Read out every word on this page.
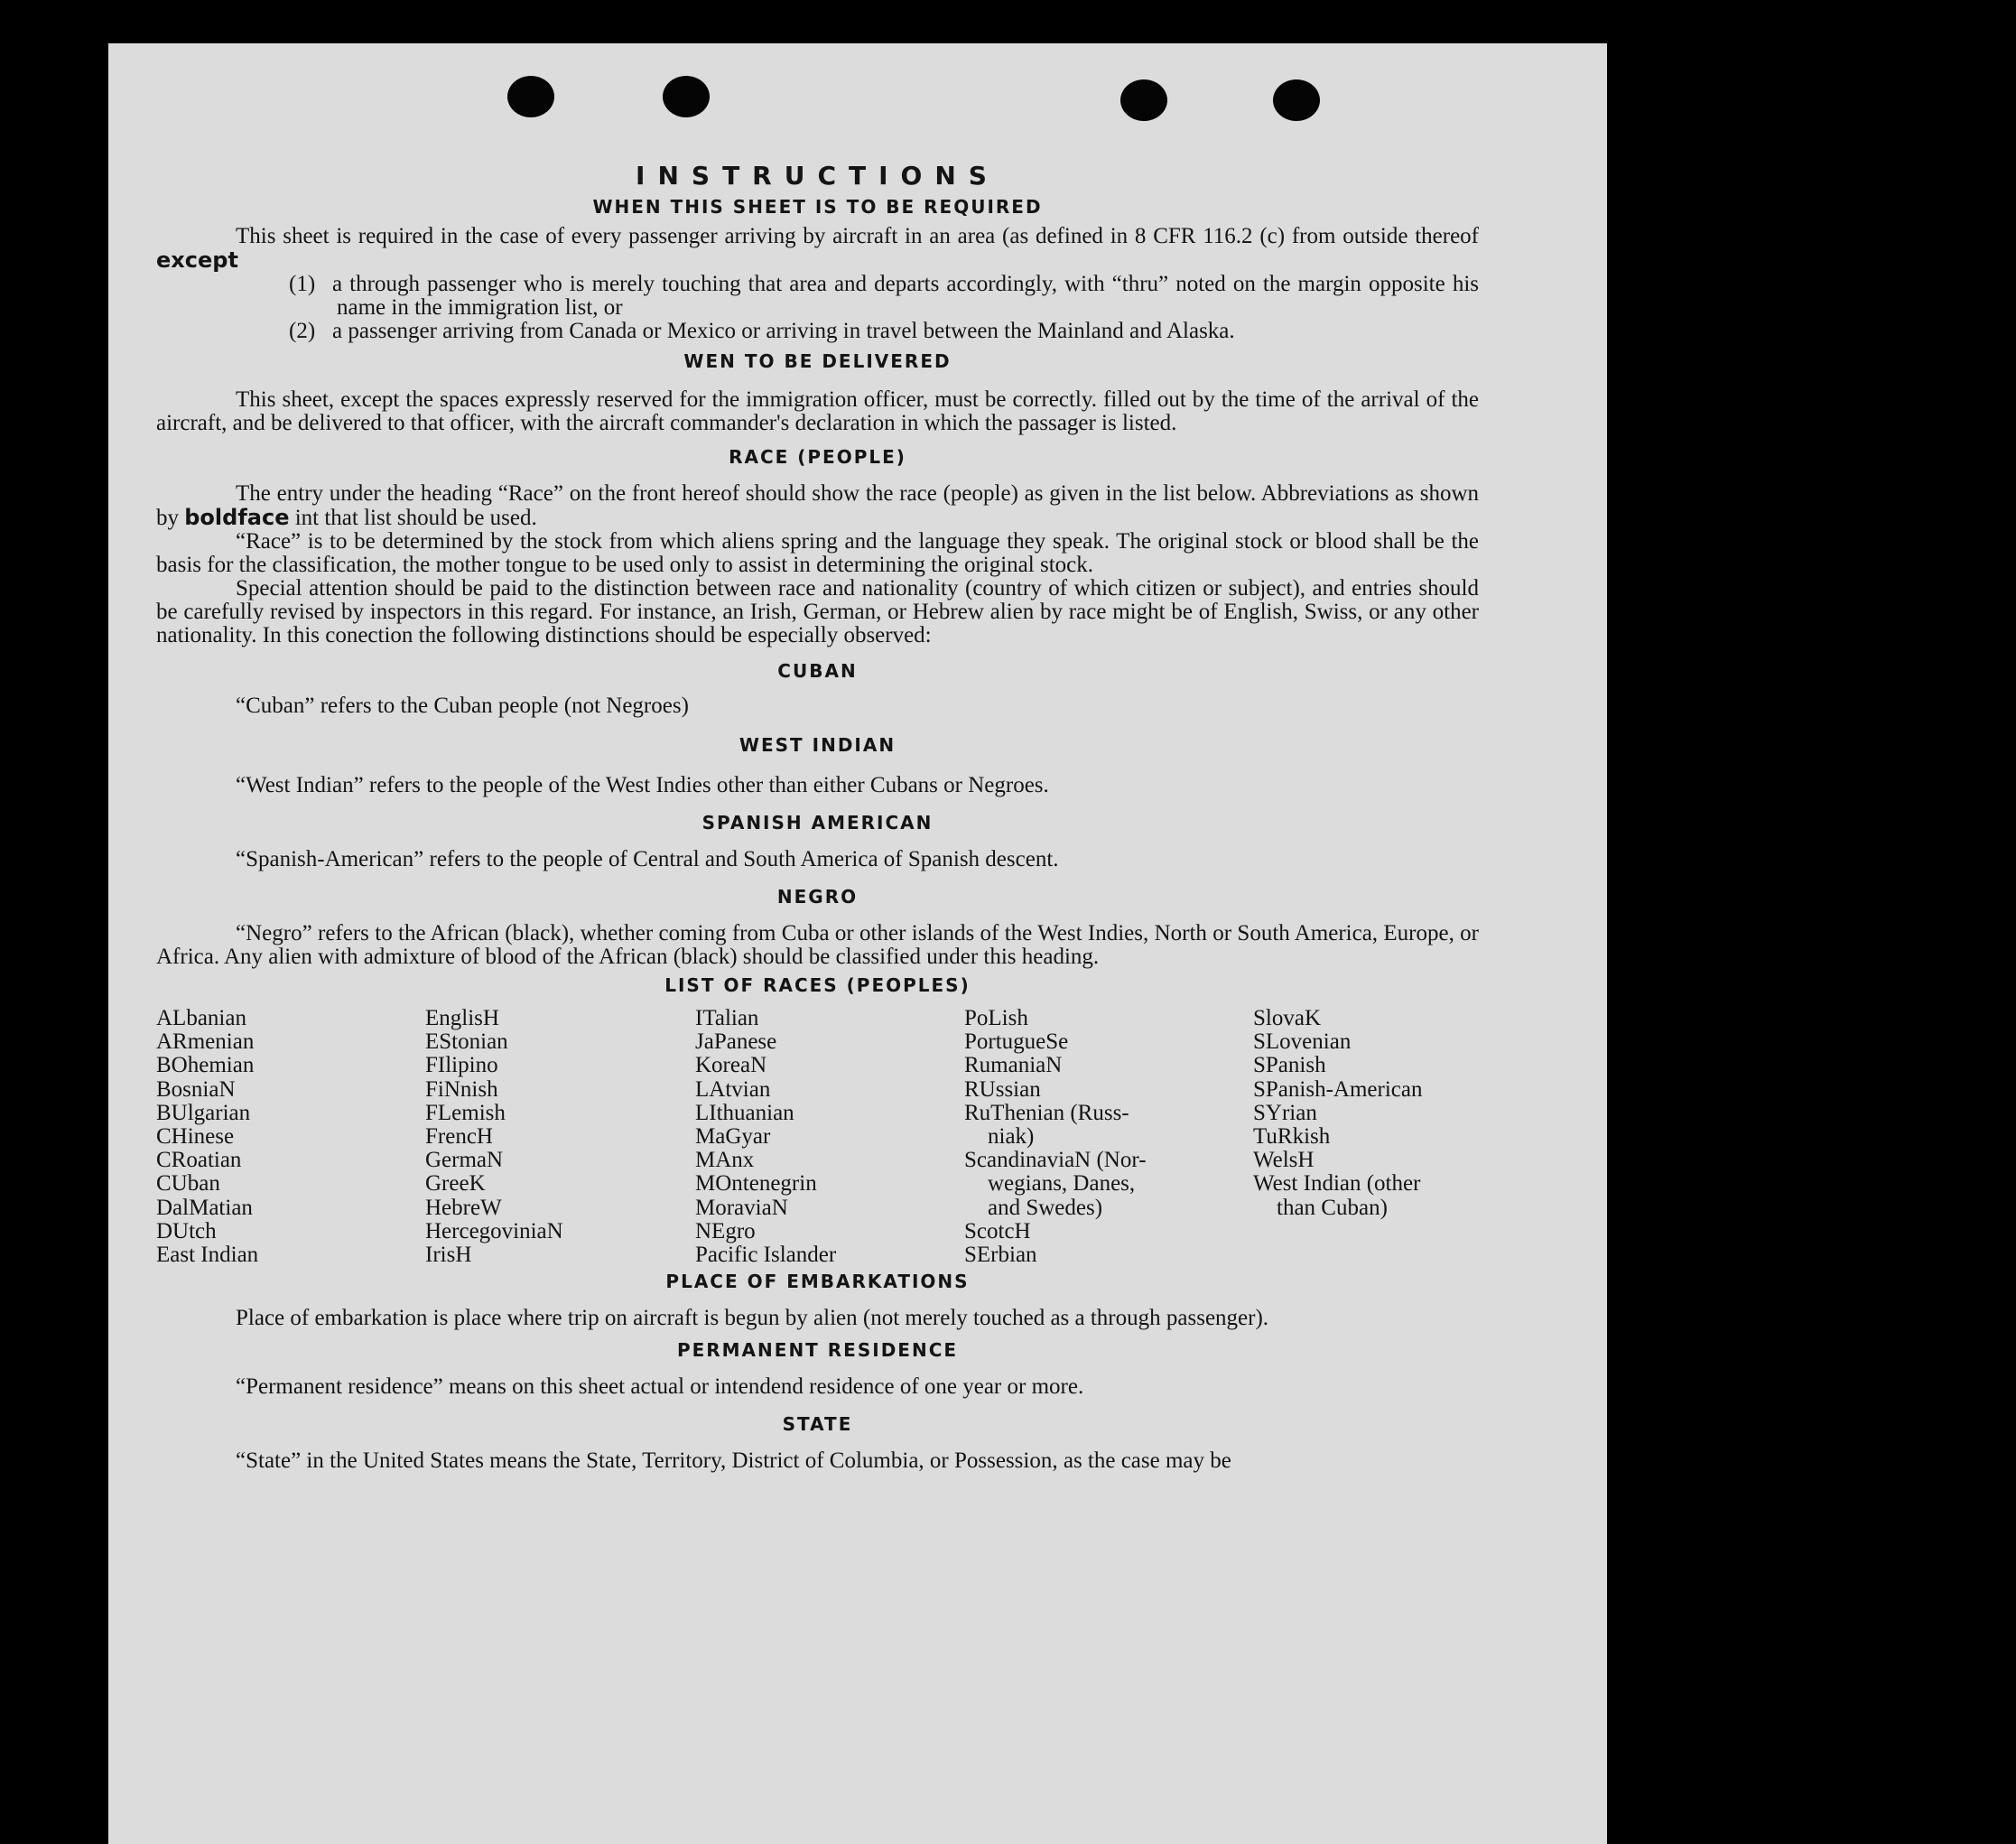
INSTRUCTIONS
WHEN THIS SHEET IS TO BE REQUIRED

This sheet is required in the case of every passenger arriving by aircraft in an area (as defined in 8 CFR 116.2 (c) from outside thereof except

(1) a through passenger who is merely touching that area and departs accordingly, with “thru” noted on the margin opposite his name in the immigration list, or

(2) a passenger arriving from Canada or Mexico or arriving in travel between the Mainland and Alaska.

WEN TO BE DELIVERED

This sheet, except the spaces expressly reserved for the immigration officer, must be correctly. filled out by the time of the arrival of the aircraft, and be delivered to that officer, with the aircraft commander's declaration in which the passager is listed.

RACE (PEOPLE)

The entry under the heading “Race” on the front hereof should show the race (people) as given in the list below. Abbreviations as shown by boldface int that list should be used.

“Race” is to be determined by the stock from which aliens spring and the language they speak. The original stock or blood shall be the basis for the classification, the mother tongue to be used only to assist in determining the original stock.

Special attention should be paid to the distinction between race and nationality (country of which citizen or subject), and entries should be carefully revised by inspectors in this regard. For instance, an Irish, German, or Hebrew alien by race might be of English, Swiss, or any other nationality. In this conection the following distinctions should be especially observed:

CUBAN

“Cuban” refers to the Cuban people (not Negroes)

WEST INDIAN

“West Indian” refers to the people of the West Indies other than either Cubans or Negroes.

SPANISH AMERICAN

“Spanish-American” refers to the people of Central and South America of Spanish descent.

NEGRO

“Negro” refers to the African (black), whether coming from Cuba or other islands of the West Indies, North or South America, Europe, or Africa. Any alien with admixture of blood of the African (black) should be classified under this heading.

LIST OF RACES (PEOPLES)
ALbanian
ARmenian
BOhemian
BosniaN
BUlgarian
CHinese
CRoatian
CUban
DalMatian
DUtch
East Indian
EnglisH
EStonian
FIlipino
FiNnish
FLemish
FrencH
GermaN
GreeK
HebreW
HercegoviniaN
IrisH
ITalian
JaPanese
KoreaN
LAtvian
LIthuanian
MaGyar
MAnx
MOntenegrin
MoraviaN
NEgro
Pacific Islander
PoLish
PortugueSe
RumaniaN
RUssian
RuThenian (Russ-
niak)
ScandinaviaN (Nor-
wegians, Danes,
and Swedes)
ScotcH
SErbian
SlovaK
SLovenian
SPanish
SPanish-American
SYrian
TuRkish
WelsH
West Indian (other
than Cuban)
PLACE OF EMBARKATIONS

Place of embarkation is place where trip on aircraft is begun by alien (not merely touched as a through passenger).

PERMANENT RESIDENCE

“Permanent residence” means on this sheet actual or intendend residence of one year or more.

STATE

“State” in the United States means the State, Territory, District of Columbia, or Possession, as the case may be
